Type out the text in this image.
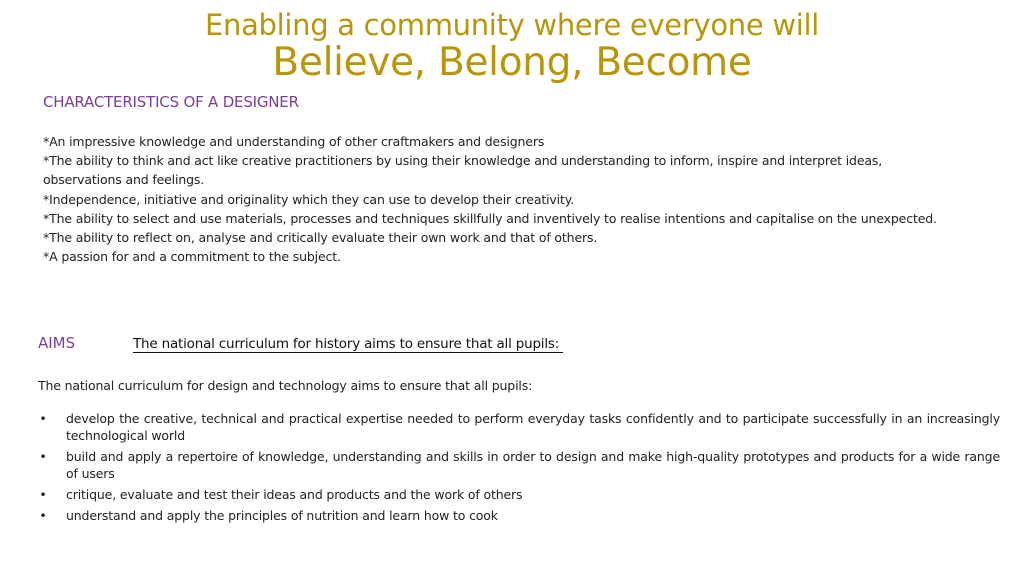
Enabling a community where everyone will
Believe, Belong, Become
CHARACTERISTICS OF A DESIGNER
*An impressive knowledge and understanding of other craftmakers and designers
*The ability to think and act like creative practitioners by using their knowledge and understanding to inform, inspire and interpret ideas,
observations and feelings.
*Independence, initiative and originality which they can use to develop their creativity.
*The ability to select and use materials, processes and techniques skillfully and inventively to realise intentions and capitalise on the unexpected.
*The ability to reflect on, analyse and critically evaluate their own work and that of others.
*A passion for and a commitment to the subject.
AIMS	The national curriculum for history aims to ensure that all pupils:
The national curriculum for design and technology aims to ensure that all pupils:
• develop the creative, technical and practical expertise needed to perform everyday tasks confidently and to participate successfully in an increasingly technological world
• build and apply a repertoire of knowledge, understanding and skills in order to design and make high-quality prototypes and products for a wide range of users
• critique, evaluate and test their ideas and products and the work of others
• understand and apply the principles of nutrition and learn how to cook
